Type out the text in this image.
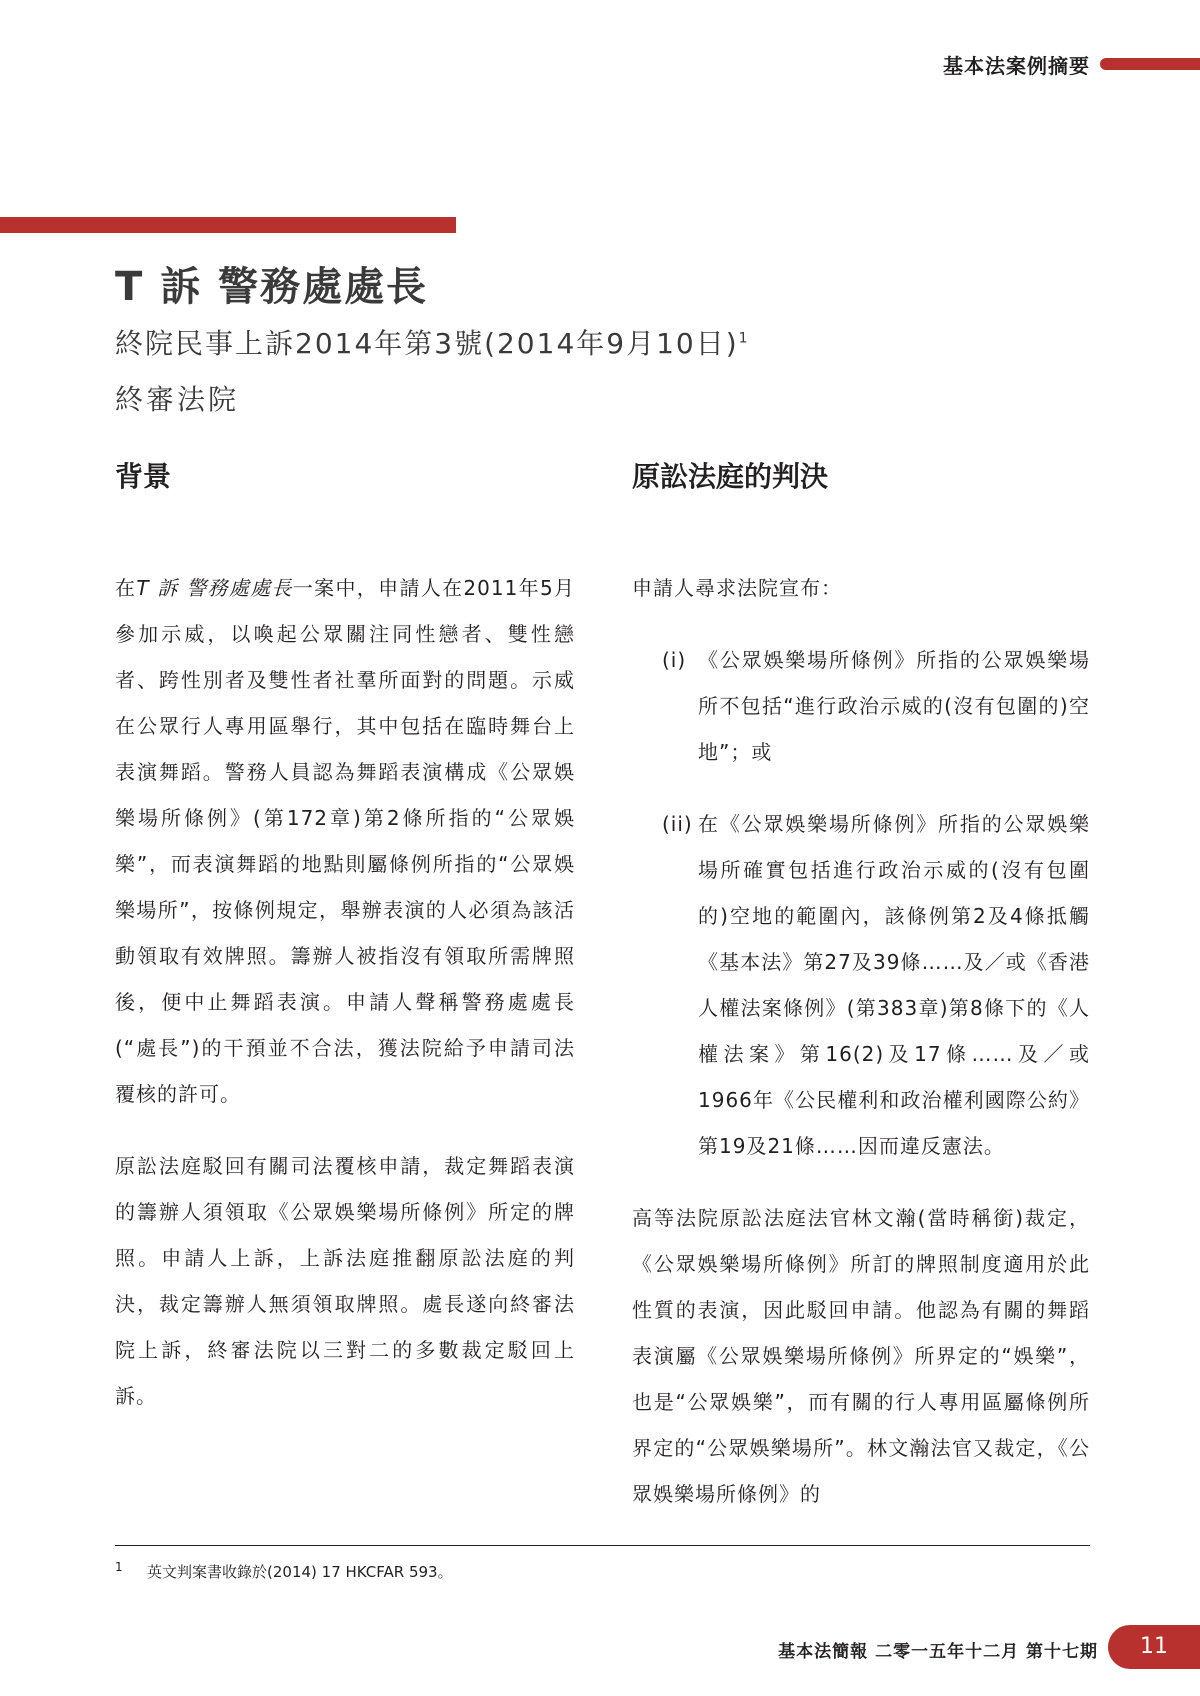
基本法案例摘要
T 訴 警務處處長
終院民事上訴2014年第3號(2014年9月10日)$^1$
終審法院
背景	原訟法庭的判決

在T 訴 警務處處長一案中，申請人在2011年5月參加示威，以喚起公眾關注同性戀者、雙性戀者、跨性別者及雙性者社羣所面對的問題。示威在公眾行人專用區舉行，其中包括在臨時舞台上表演舞蹈。警務人員認為舞蹈表演構成《公眾娛樂場所條例》(第172章)第2條所指的“公眾娛樂”，而表演舞蹈的地點則屬條例所指的“公眾娛樂場所”，按條例規定，舉辦表演的人必須為該活動領取有效牌照。籌辦人被指沒有領取所需牌照後，便中止舞蹈表演。申請人聲稱警務處處長(“處長”)的干預並不合法，獲法院給予申請司法覆核的許可。

原訟法庭駁回有關司法覆核申請，裁定舞蹈表演的籌辦人須領取《公眾娛樂場所條例》所定的牌照。申請人上訴，上訴法庭推翻原訟法庭的判決，裁定籌辦人無須領取牌照。處長遂向終審法院上訴，終審法院以三對二的多數裁定駁回上訴。

申請人尋求法院宣布：

(i) 《公眾娛樂場所條例》所指的公眾娛樂場所不包括“進行政治示威的(沒有包圍的)空地”；或
(ii) 在《公眾娛樂場所條例》所指的公眾娛樂場所確實包括進行政治示威的(沒有包圍的)空地的範圍內，該條例第2及4條抵觸《基本法》第27及39條……及／或《香港人權法案條例》(第383章)第8條下的《人權法案》第16(2)及17條……及／或1966年《公民權利和政治權利國際公約》第19及21條……因而違反憲法。

高等法院原訟法庭法官林文瀚(當時稱銜)裁定，《公眾娛樂場所條例》所訂的牌照制度適用於此性質的表演，因此駁回申請。他認為有關的舞蹈表演屬《公眾娛樂場所條例》所界定的“娛樂”，也是“公眾娛樂”，而有關的行人專用區屬條例所界定的“公眾娛樂場所”。林文瀚法官又裁定，《公眾娛樂場所條例》的

1 英文判案書收錄於(2014) 17 HKCFAR 593。
基本法簡報 二零一五年十二月 第十七期	11
